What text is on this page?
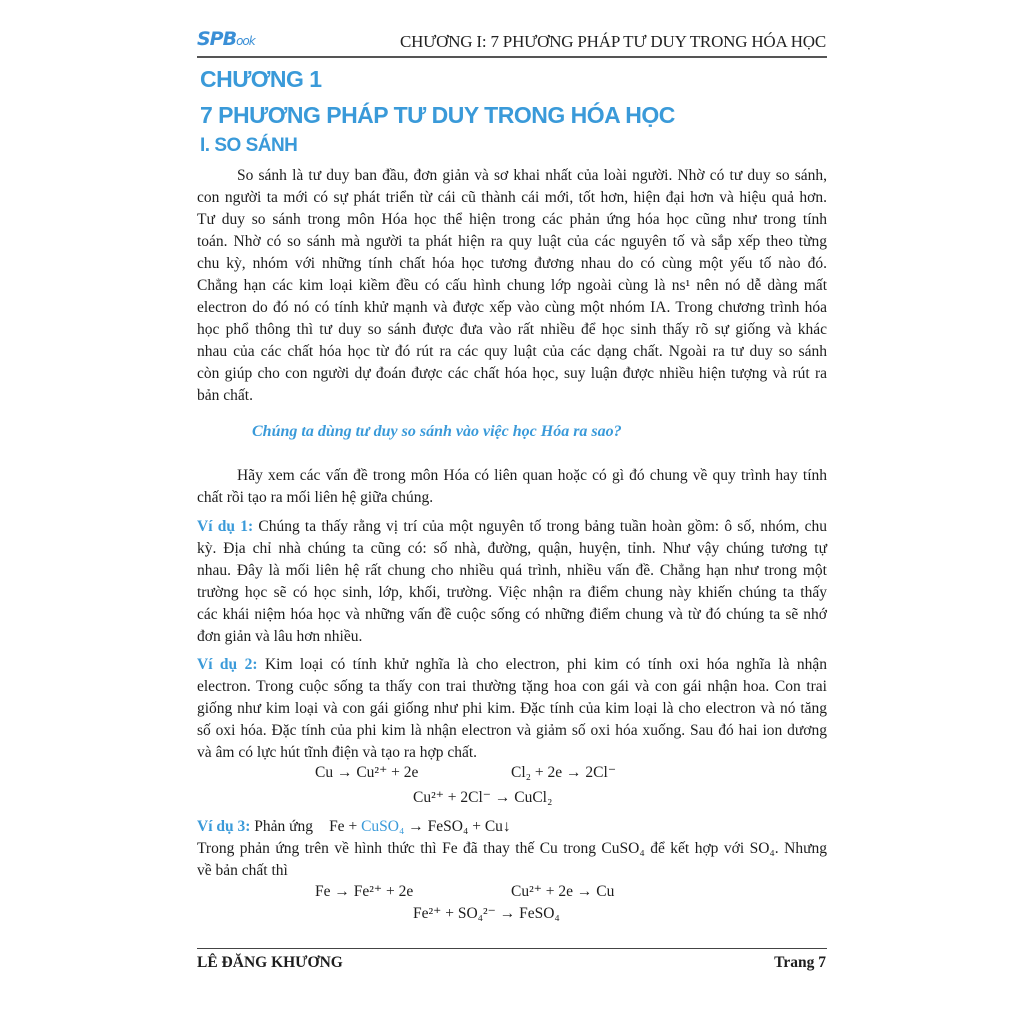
SPBook	CHƯƠNG I: 7 PHƯƠNG PHÁP TƯ DUY TRONG HÓA HỌC
CHƯƠNG 1
7 PHƯƠNG PHÁP TƯ DUY TRONG HÓA HỌC
I. SO SÁNH
So sánh là tư duy ban đầu, đơn giản và sơ khai nhất của loài người. Nhờ có tư duy so sánh,
con người ta mới có sự phát triển từ cái cũ thành cái mới, tốt hơn, hiện đại hơn và hiệu quả hơn.
Tư duy so sánh trong môn Hóa học thể hiện trong các phản ứng hóa học cũng như trong tính
toán. Nhờ có so sánh mà người ta phát hiện ra quy luật của các nguyên tố và sắp xếp theo từng
chu kỳ, nhóm với những tính chất hóa học tương đương nhau do có cùng một yếu tố nào đó.
Chẳng hạn các kim loại kiềm đều có cấu hình chung lớp ngoài cùng là ns¹ nên nó dễ dàng mất
electron do đó nó có tính khử mạnh và được xếp vào cùng một nhóm IA. Trong chương trình hóa
học phổ thông thì tư duy so sánh được đưa vào rất nhiều để học sinh thấy rõ sự giống và khác
nhau của các chất hóa học từ đó rút ra các quy luật của các dạng chất. Ngoài ra tư duy so sánh
còn giúp cho con người dự đoán được các chất hóa học, suy luận được nhiều hiện tượng và rút ra
bản chất.
Chúng ta dùng tư duy so sánh vào việc học Hóa ra sao?
Hãy xem các vấn đề trong môn Hóa có liên quan hoặc có gì đó chung về quy trình hay tính
chất rồi tạo ra mối liên hệ giữa chúng.
Ví dụ 1: Chúng ta thấy rằng vị trí của một nguyên tố trong bảng tuần hoàn gồm: ô số, nhóm, chu
kỳ. Địa chỉ nhà chúng ta cũng có: số nhà, đường, quận, huyện, tỉnh. Như vậy chúng tương tự
nhau. Đây là mối liên hệ rất chung cho nhiều quá trình, nhiều vấn đề. Chẳng hạn như trong một
trường học sẽ có học sinh, lớp, khối, trường. Việc nhận ra điểm chung này khiến chúng ta thấy
các khái niệm hóa học và những vấn đề cuộc sống có những điểm chung và từ đó chúng ta sẽ nhớ
đơn giản và lâu hơn nhiều.
Ví dụ 2: Kim loại có tính khử nghĩa là cho electron, phi kim có tính oxi hóa nghĩa là nhận
electron. Trong cuộc sống ta thấy con trai thường tặng hoa con gái và con gái nhận hoa. Con trai
giống như kim loại và con gái giống như phi kim. Đặc tính của kim loại là cho electron và nó tăng
số oxi hóa. Đặc tính của phi kim là nhận electron và giảm số oxi hóa xuống. Sau đó hai ion dương
và âm có lực hút tĩnh điện và tạo ra hợp chất.
Cu → Cu²⁺ + 2e	Cl₂ + 2e → 2Cl⁻
Cu²⁺ + 2Cl⁻ → CuCl₂
Ví dụ 3: Phản ứng Fe + CuSO₄ → FeSO₄ + Cu↓
Trong phản ứng trên về hình thức thì Fe đã thay thế Cu trong CuSO₄ để kết hợp với SO₄. Nhưng
về bản chất thì
Fe → Fe²⁺ + 2e	Cu²⁺ + 2e → Cu
Fe²⁺ + SO₄²⁻ → FeSO₄
LÊ ĐĂNG KHƯƠNG	Trang 7
